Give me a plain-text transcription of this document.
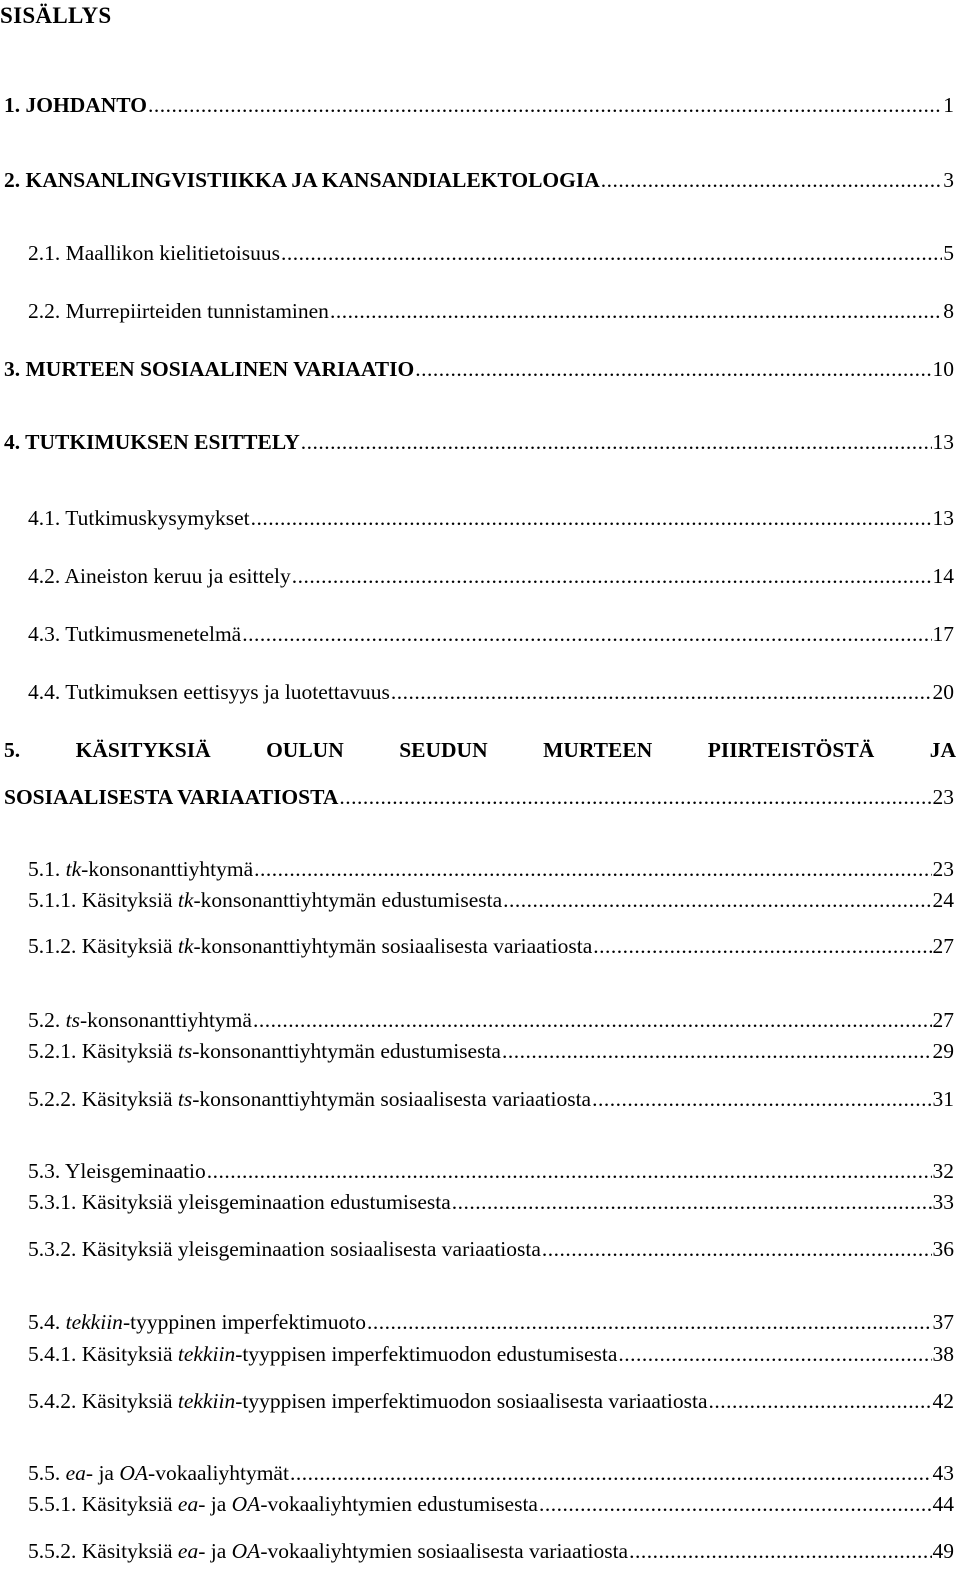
SISÄLLYS
1. JOHDANTO .....	1
2. KANSANLINGVISTIIKKA JA KANSANDIALEKTOLOGIA .....	3
2.1. Maallikon kielitietoisuus .....	5
2.2. Murrepiirteiden tunnistaminen .....	8
3. MURTEEN SOSIAALINEN VARIAATIO .....	10
4. TUTKIMUKSEN ESITTELY .....	13
4.1. Tutkimuskysymykset .....	13
4.2. Aineiston keruu ja esittely .....	14
4.3. Tutkimusmenetelmä .....	17
4.4. Tutkimuksen eettisyys ja luotettavuus .....	20
5.	KÄSITYKSIÄ	OULUN	SEUDUN	MURTEEN	PIIRTEISTÖSTÄ	JA
SOSIAALISESTA VARIAATIOSTA .....	23
5.1. tk-konsonanttiyhtymä .....	23
5.1.1. Käsityksiä tk-konsonanttiyhtymän edustumisesta .....	24
5.1.2. Käsityksiä tk-konsonanttiyhtymän sosiaalisesta variaatiosta .....	27
5.2. ts-konsonanttiyhtymä .....	27
5.2.1. Käsityksiä ts-konsonanttiyhtymän edustumisesta .....	29
5.2.2. Käsityksiä ts-konsonanttiyhtymän sosiaalisesta variaatiosta .....	31
5.3. Yleisgeminaatio .....	32
5.3.1. Käsityksiä yleisgeminaation edustumisesta .....	33
5.3.2. Käsityksiä yleisgeminaation sosiaalisesta variaatiosta .....	36
5.4. tekkiin-tyyppinen imperfektimuoto .....	37
5.4.1. Käsityksiä tekkiin-tyyppisen imperfektimuodon edustumisesta .....	38
5.4.2. Käsityksiä tekkiin-tyyppisen imperfektimuodon sosiaalisesta variaatiosta .....	42
5.5. ea- ja OA-vokaaliyhtymät .....	43
5.5.1. Käsityksiä ea- ja OA-vokaaliyhtymien edustumisesta .....	44
5.5.2. Käsityksiä ea- ja OA-vokaaliyhtymien sosiaalisesta variaatiosta .....	49
